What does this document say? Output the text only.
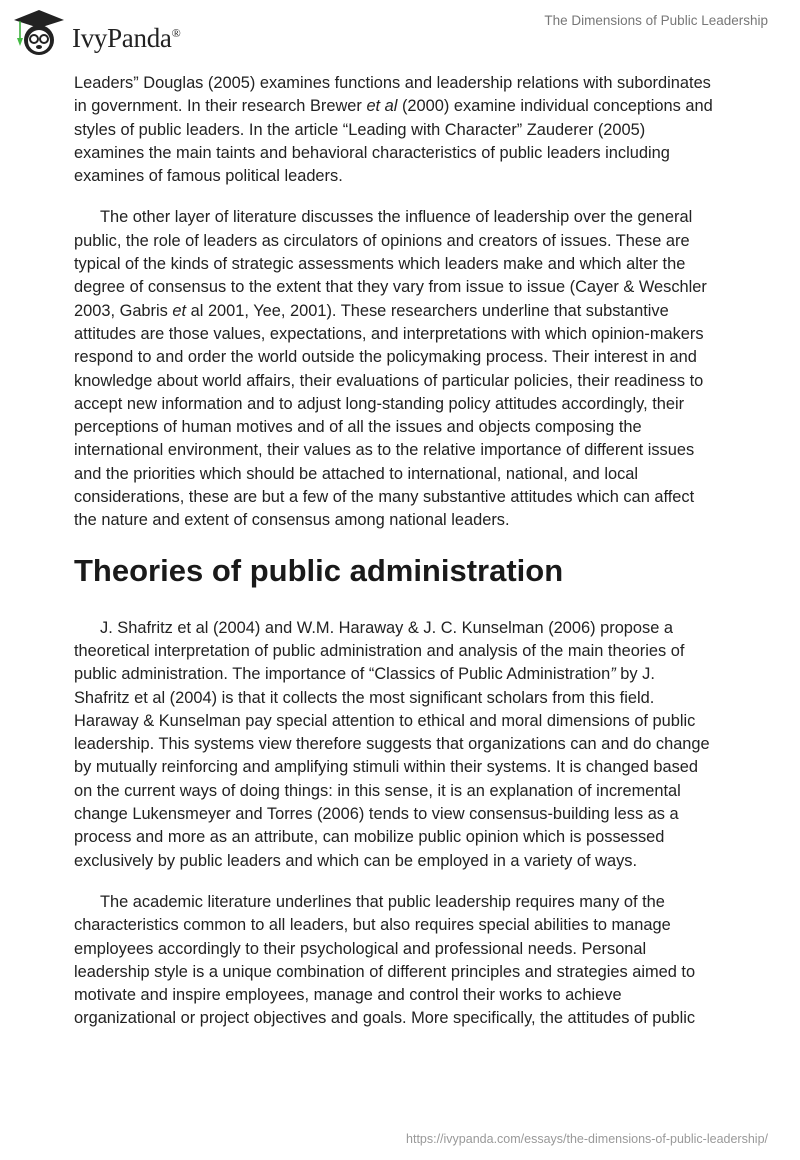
IvyPanda®
The Dimensions of Public Leadership

Leaders” Douglas (2005) examines functions and leadership relations with subordinates
in government. In their research Brewer et al (2000) examine individual conceptions and
styles of public leaders. In the article “Leading with Character” Zauderer (2005)
examines the main taints and behavioral characteristics of public leaders including
examines of famous political leaders.

The other layer of literature discusses the influence of leadership over the general
public, the role of leaders as circulators of opinions and creators of issues. These are
typical of the kinds of strategic assessments which leaders make and which alter the
degree of consensus to the extent that they vary from issue to issue (Cayer & Weschler
2003, Gabris et al 2001, Yee, 2001). These researchers underline that substantive
attitudes are those values, expectations, and interpretations with which opinion-makers
respond to and order the world outside the policymaking process. Their interest in and
knowledge about world affairs, their evaluations of particular policies, their readiness to
accept new information and to adjust long-standing policy attitudes accordingly, their
perceptions of human motives and of all the issues and objects composing the
international environment, their values as to the relative importance of different issues
and the priorities which should be attached to international, national, and local
considerations, these are but a few of the many substantive attitudes which can affect
the nature and extent of consensus among national leaders.

Theories of public administration

J. Shafritz et al (2004) and W.M. Haraway & J. C. Kunselman (2006) propose a
theoretical interpretation of public administration and analysis of the main theories of
public administration. The importance of “Classics of Public Administration” by J.
Shafritz et al (2004) is that it collects the most significant scholars from this field.
Haraway & Kunselman pay special attention to ethical and moral dimensions of public
leadership. This systems view therefore suggests that organizations can and do change
by mutually reinforcing and amplifying stimuli within their systems. It is changed based
on the current ways of doing things: in this sense, it is an explanation of incremental
change Lukensmeyer and Torres (2006) tends to view consensus-building less as a
process and more as an attribute, can mobilize public opinion which is possessed
exclusively by public leaders and which can be employed in a variety of ways.

The academic literature underlines that public leadership requires many of the
characteristics common to all leaders, but also requires special abilities to manage
employees accordingly to their psychological and professional needs. Personal
leadership style is a unique combination of different principles and strategies aimed to
motivate and inspire employees, manage and control their works to achieve
organizational or project objectives and goals. More specifically, the attitudes of public

https://ivypanda.com/essays/the-dimensions-of-public-leadership/
